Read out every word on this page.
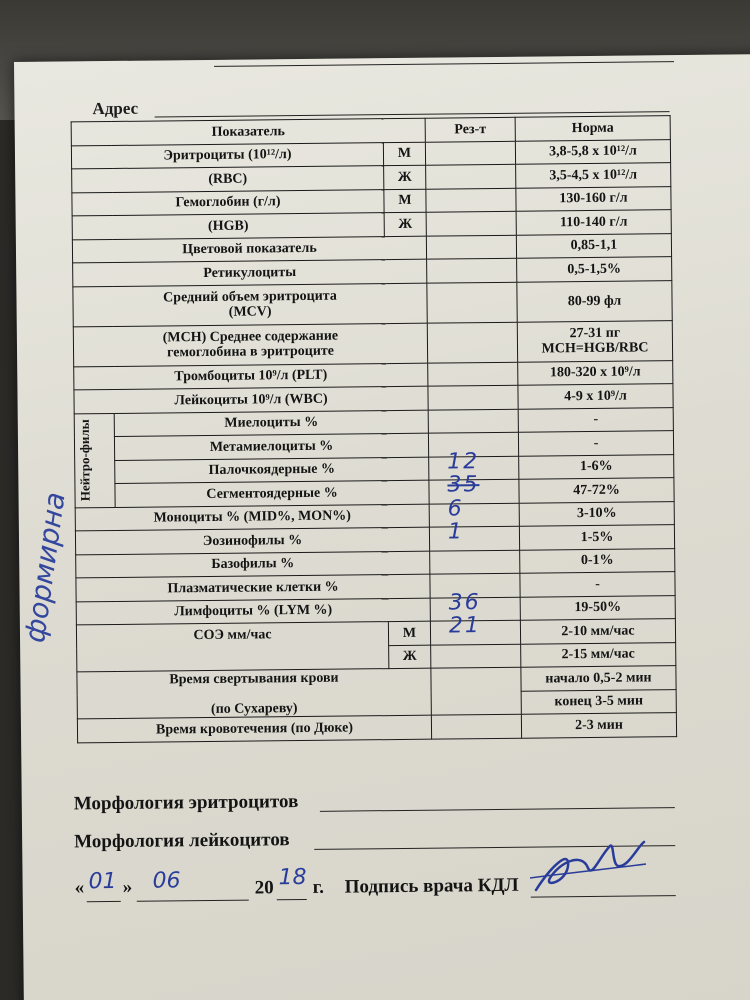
Адрес
Показатель			Рез-т	Норма
Эритроциты (10¹²/л)		М		3,8-5,8 х 10¹²/л
(RBC)		Ж		3,5-4,5 х 10¹²/л
Гемоглобин (г/л)		М		130-160 г/л
(HGB)		Ж		110-140 г/л
Цветовой показатель				0,85-1,1
Ретикулоциты				0,5-1,5%
Средний объем эритроцита
(MCV)				80-99 фл
(МСН) Среднее содержание
гемоглобина в эритроците				27-31 пг
MCH=HGB/RBC
Тромбоциты 10⁹/л (PLT)				180-320 х 10⁹/л
Лейкоциты 10⁹/л (WBC)				4-9 х 10⁹/л

Нейтро-филы	Миелоциты %			-
	Метамиелоциты %			-
	Палочкоядерные %		12	1-6%
	Сегментоядерные %		35	47-72%
Моноциты % (MID%, MON%)			6	3-10%
Эозинофилы %			1	1-5%
Базофилы %				0-1%
Плазматические клетки %				-
Лимфоциты % (LYM %)			36	19-50%
СОЭ мм/час		М	21	2-10 мм/час
		Ж		2-15 мм/час
Время свертывания крови

(по Сухареву)				начало 0,5-2 мин
				конец 3-5 мин
Время кровотечения (по Дюке)				2-3 мин
Морфология эритроцитов
Морфология лейкоцитов
« 01 » 06	20 18 г. Подпись врача КДЛ
формирна
